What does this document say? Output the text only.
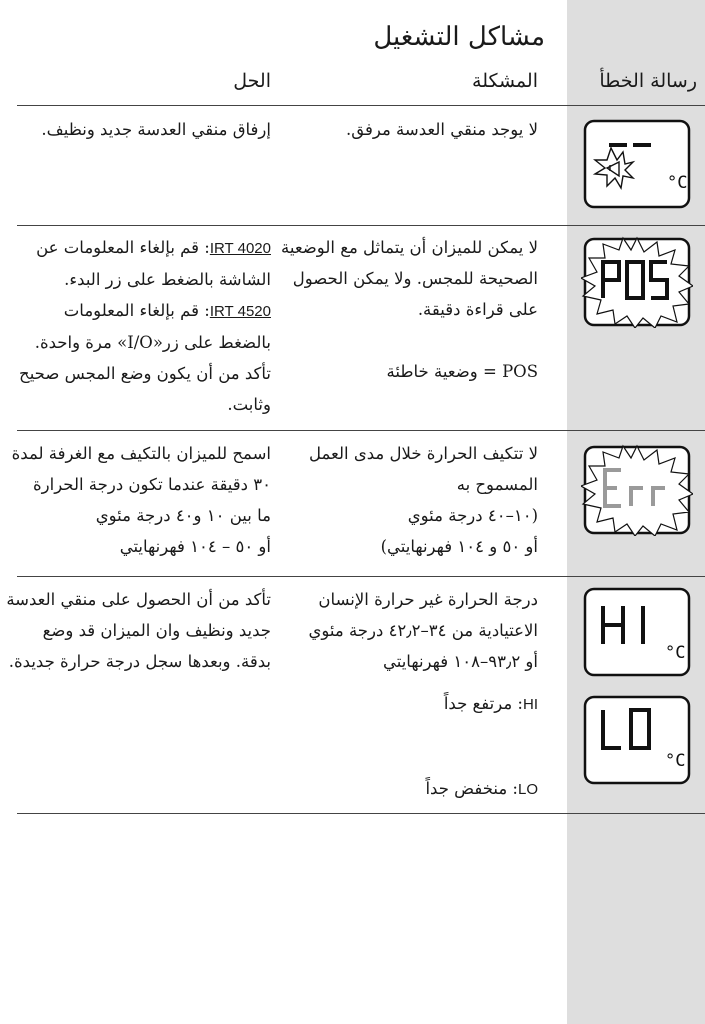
مشاكل التشغيل
رسالة الخطأ
المشكلة
الحل
°C
لا يوجد منقي العدسة مرفق.
إرفاق منقي العدسة جديد ونظيف.
لا يمكن للميزان أن يتماثل مع الوضعية
الصحيحة للمجس. ولا يمكن الحصول
على قراءة دقيقة.
POS = وضعية خاطئة
IRT 4020: قم بإلغاء المعلومات عن
الشاشة بالضغط على زر البدء.
IRT 4520: قم بإلغاء المعلومات
بالضغط على زر«I/O» مرة واحدة.
تأكد من أن يكون وضع المجس صحيح
وثابت.
لا تتكيف الحرارة خلال مدى العمل
المسموح به
(١٠–٤٠ درجة مئوي
أو ٥٠ و ١٠٤ فهرنهايتي)
اسمح للميزان بالتكيف مع الغرفة لمدة
٣٠ دقيقة عندما تكون درجة الحرارة
ما بين ١٠ و٤٠ درجة مئوي
أو ٥٠ – ١٠٤ فهرنهايتي
°C
°C
درجة الحرارة غير حرارة الإنسان
الاعتيادية من ٣٤–٤٢٫٢ درجة مئوي
أو ٩٣٫٢–١٠٨ فهرنهايتي
HI: مرتفع جداً
LO: منخفض جداً
تأكد من أن الحصول على منقي العدسة
جديد ونظيف وان الميزان قد وضع
بدقة. وبعدها سجل درجة حرارة جديدة.
